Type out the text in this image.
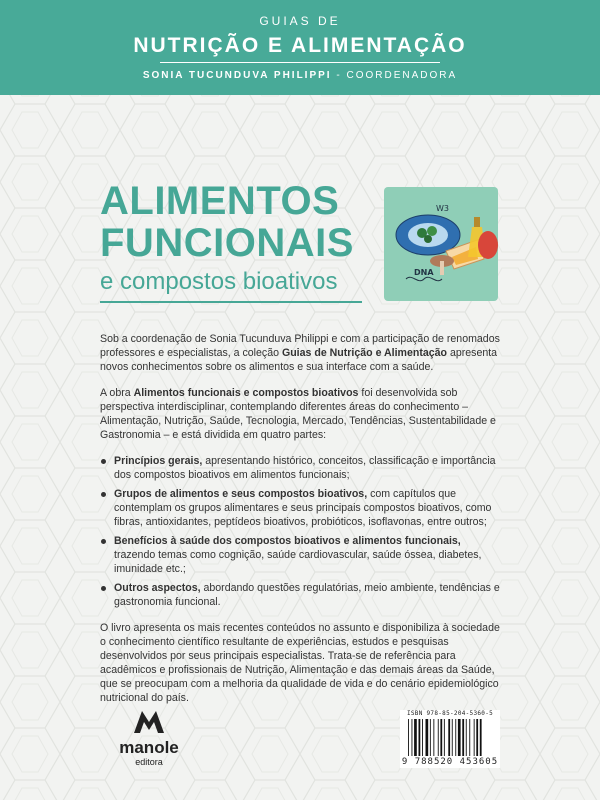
GUIAS DE
NUTRIÇÃO E ALIMENTAÇÃO
SONIA TUCUNDUVA PHILIPPI - COORDENADORA
ALIMENTOS
FUNCIONAIS
e compostos bioativos
W3
DNA

Sob a coordenação de Sonia Tucunduva Philippi e com a participação de renomados professores e especialistas, a coleção Guias de Nutrição e Alimentação apresenta novos conhecimentos sobre os alimentos e sua interface com a saúde.

A obra Alimentos funcionais e compostos bioativos foi desenvolvida sob perspectiva interdisciplinar, contemplando diferentes áreas do conhecimento – Alimentação, Nutrição, Saúde, Tecnologia, Mercado, Tendências, Sustentabilidade e Gastronomia – e está dividida em quatro partes:

Princípios gerais, apresentando histórico, conceitos, classificação e importância dos compostos bioativos em alimentos funcionais;
Grupos de alimentos e seus compostos bioativos, com capítulos que contemplam os grupos alimentares e seus principais compostos bioativos, como fibras, antioxidantes, peptídeos bioativos, probióticos, isoflavonas, entre outros;
Benefícios à saúde dos compostos bioativos e alimentos funcionais, trazendo temas como cognição, saúde cardiovascular, saúde óssea, diabetes, imunidade etc.;
Outros aspectos, abordando questões regulatórias, meio ambiente, tendências e gastronomia funcional.

O livro apresenta os mais recentes conteúdos no assunto e disponibiliza à sociedade o conhecimento científico resultante de experiências, estudos e pesquisas desenvolvidos por seus principais especialistas. Trata-se de referência para acadêmicos e profissionais de Nutrição, Alimentação e das demais áreas da Saúde, que se preocupam com a melhoria da qualidade de vida e do cenário epidemiológico nutricional do país.

manole
editora
ISBN 978-85-204-5360-5
9 788520 453605
